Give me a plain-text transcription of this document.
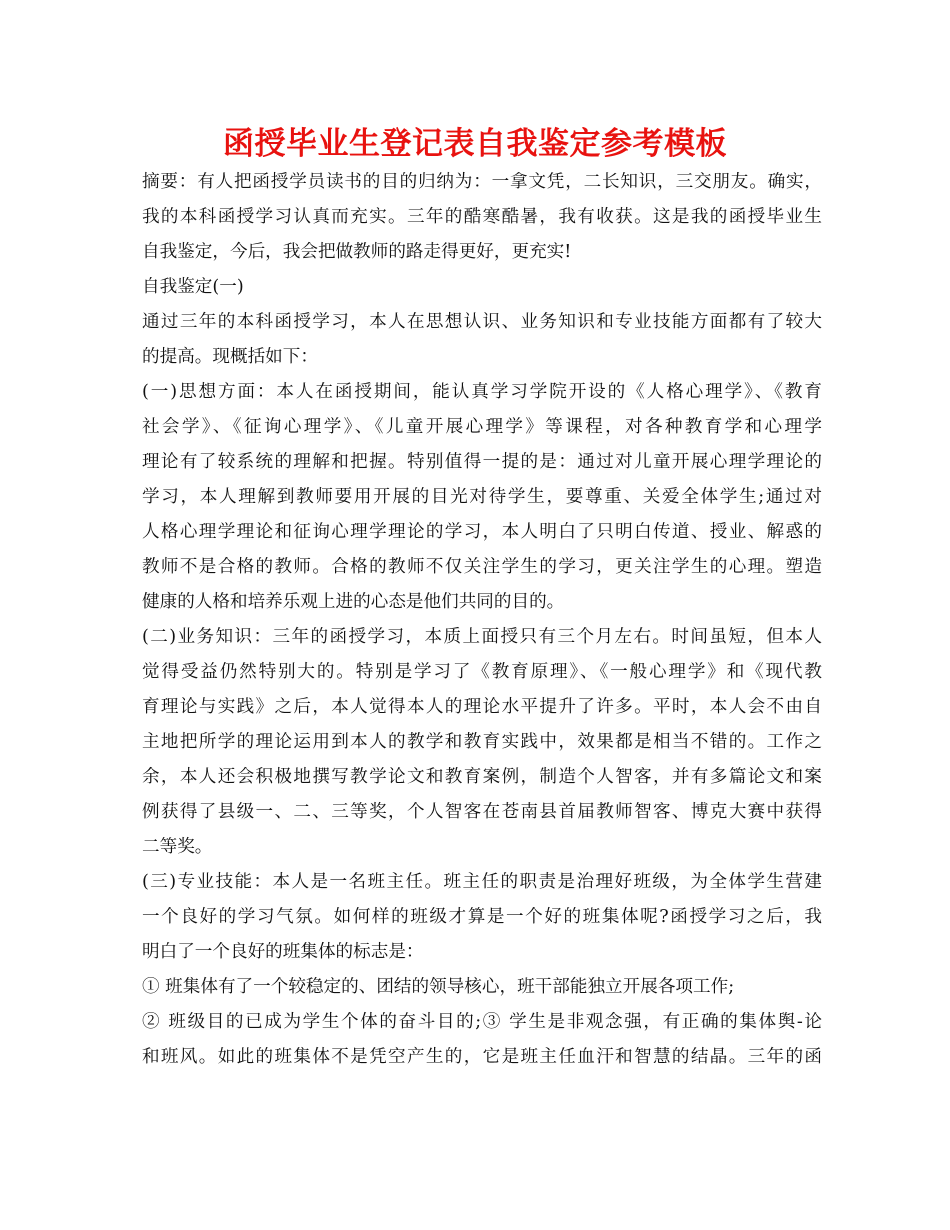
函授毕业生登记表自我鉴定参考模板
摘要：有人把函授学员读书的目的归纳为：一拿文凭，二长知识，三交朋友。确实，
我的本科函授学习认真而充实。三年的酷寒酷暑，我有收获。这是我的函授毕业生
自我鉴定，今后，我会把做教师的路走得更好，更充实!
自我鉴定(一)
通过三年的本科函授学习，本人在思想认识、业务知识和专业技能方面都有了较大
的提高。现概括如下：
(一)思想方面：本人在函授期间，能认真学习学院开设的《人格心理学》、《教育
社会学》、《征询心理学》、《儿童开展心理学》等课程，对各种教育学和心理学
理论有了较系统的理解和把握。特别值得一提的是：通过对儿童开展心理学理论的
学习，本人理解到教师要用开展的目光对待学生，要尊重、关爱全体学生;通过对
人格心理学理论和征询心理学理论的学习，本人明白了只明白传道、授业、解惑的
教师不是合格的教师。合格的教师不仅关注学生的学习，更关注学生的心理。塑造
健康的人格和培养乐观上进的心态是他们共同的目的。
(二)业务知识：三年的函授学习，本质上面授只有三个月左右。时间虽短，但本人
觉得受益仍然特别大的。特别是学习了《教育原理》、《一般心理学》和《现代教
育理论与实践》之后，本人觉得本人的理论水平提升了许多。平时，本人会不由自
主地把所学的理论运用到本人的教学和教育实践中，效果都是相当不错的。工作之
余，本人还会积极地撰写教学论文和教育案例，制造个人智客，并有多篇论文和案
例获得了县级一、二、三等奖，个人智客在苍南县首届教师智客、博克大赛中获得
二等奖。
(三)专业技能：本人是一名班主任。班主任的职责是治理好班级，为全体学生营建
一个良好的学习气氛。如何样的班级才算是一个好的班集体呢?函授学习之后，我
明白了一个良好的班集体的标志是：
① 班集体有了一个较稳定的、团结的领导核心，班干部能独立开展各项工作;
② 班级目的已成为学生个体的奋斗目的;③ 学生是非观念强，有正确的集体舆-论
和班风。如此的班集体不是凭空产生的，它是班主任血汗和智慧的结晶。三年的函
